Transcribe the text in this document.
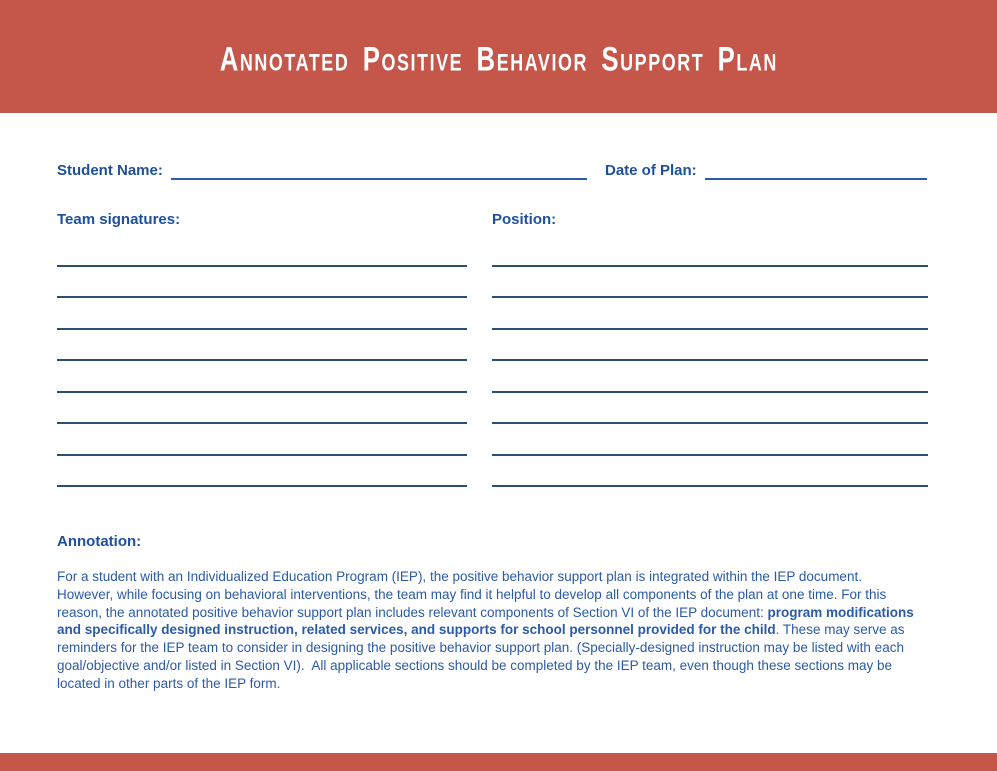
Annotated Positive Behavior Support Plan
Student Name:	Date of Plan:
Team signatures:	Position:
Annotation:

For a student with an Individualized Education Program (IEP), the positive behavior support plan is integrated within the IEP document.  However, while focusing on behavioral interventions, the team may find it helpful to develop all components of the plan at one time. For this reason, the annotated positive behavior support plan includes relevant components of Section VI of the IEP document: program modifications and specifically designed instruction, related services, and supports for school personnel provided for the child. These may serve as reminders for the IEP team to consider in designing the positive behavior support plan. (Specially-designed instruction may be listed with each goal/objective and/or listed in Section VI).  All applicable sections should be completed by the IEP team, even though these sections may be located in other parts of the IEP form.
